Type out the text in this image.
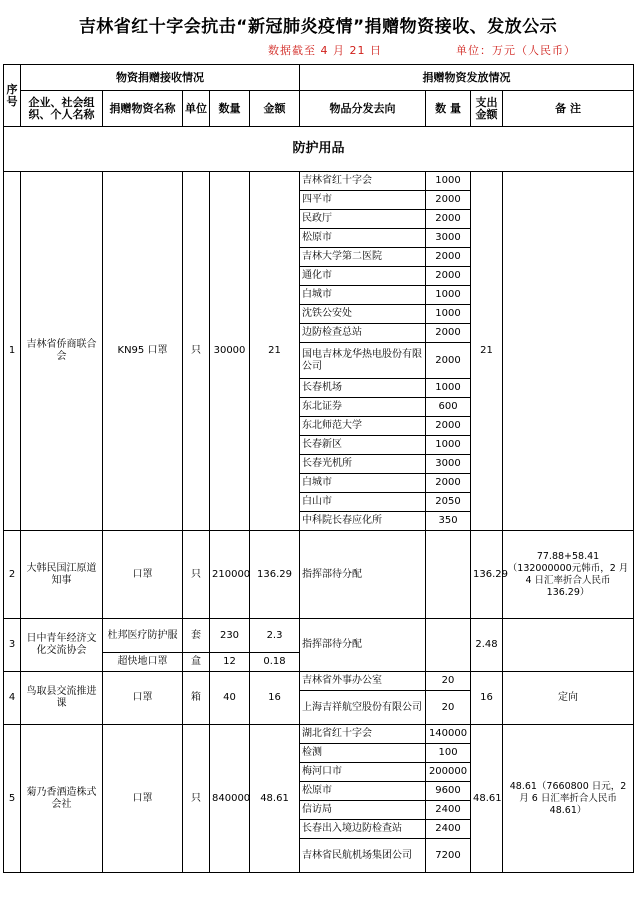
吉林省红十字会抗击“新冠肺炎疫情”捐赠物资接收、发放公示
数据截至 4 月 21 日	单位：万元（人民币）
序号	物资捐赠接收情况					捐赠物资发放情况			
	企业、社会组织、个人名称	捐赠物资名称	单位	数量	金额	物品分发去向	数 量	支出金额	备 注
防护用品									
1	吉林省侨商联合会	KN95 口罩	只	30000	21	吉林省红十字会	1000	21	
						四平市	2000		
						民政厅	2000		
						松原市	3000		
						吉林大学第二医院	2000		
						通化市	2000		
						白城市	1000		
						沈铁公安处	1000		
						边防检查总站	2000		
						国电吉林龙华热电股份有限公司	2000		
						长春机场	1000		
						东北证券	600		
						东北师范大学	2000		
						长春新区	1000		
						长春光机所	3000		
						白城市	2000		
						白山市	2050		
						中科院长春应化所	350		
2	大韩民国江原道知事	口罩	只	210000	136.29	指挥部待分配		136.29	77.88+58.41（132000000元韩币，2 月 4 日汇率折合人民币 136.29）
3	日中青年经济文化交流协会	杜邦医疗防护服	套	230	2.3	指挥部待分配		2.48	
		超快地口罩	盒	12	0.18				
4	鸟取县交流推进课	口罩	箱	40	16	吉林省外事办公室	20	16	定向
						上海吉祥航空股份有限公司	20		
5	菊乃香酒造株式会社	口罩	只	840000	48.61	湖北省红十字会	140000	48.61	48.61（7660800 日元，2月 6 日汇率折合人民币 48.61）
						检测	100		
						梅河口市	200000		
						松原市	9600		
						信访局	2400		
						长春出入境边防检查站	2400		
						吉林省民航机场集团公司	7200		
